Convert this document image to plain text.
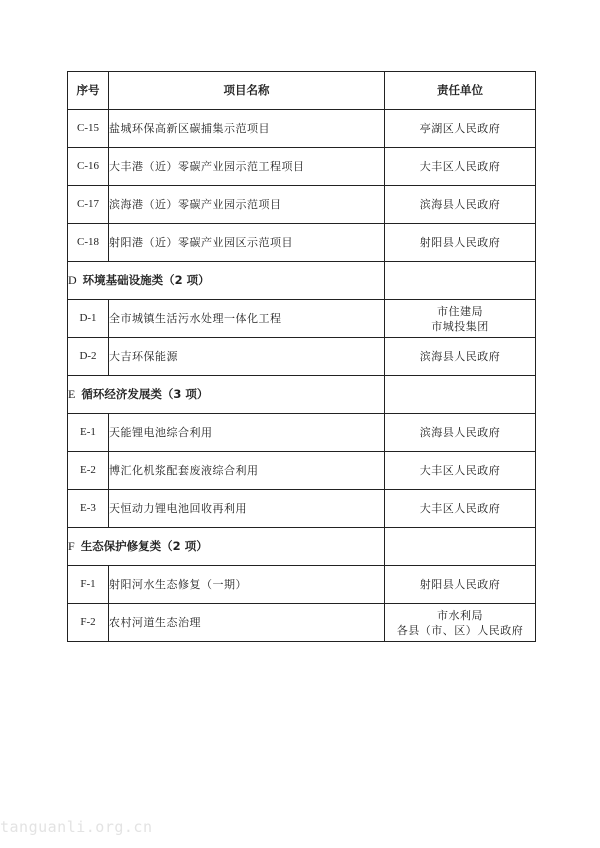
序号	项目名称	责任单位
C-15	盐城环保高新区碳捕集示范项目	亭湖区人民政府

C-16	大丰港（近）零碳产业园示范工程项目	大丰区人民政府

C-17	滨海港（近）零碳产业园示范项目	滨海县人民政府

C-18	射阳港（近）零碳产业园区示范项目	射阳县人民政府

D 环境基础设施类（2 项）		
D-1	全市城镇生活污水处理一体化工程	市住建局
市城投集团

D-2	大吉环保能源	滨海县人民政府

E 循环经济发展类（3 项）		
E-1	天能锂电池综合利用	滨海县人民政府

E-2	博汇化机浆配套废液综合利用	大丰区人民政府

E-3	天恒动力锂电池回收再利用	大丰区人民政府

F 生态保护修复类（2 项）		
F-1	射阳河水生态修复（一期）	射阳县人民政府

F-2	农村河道生态治理	市水利局
各县（市、区）人民政府
tanguanli.org.cn
